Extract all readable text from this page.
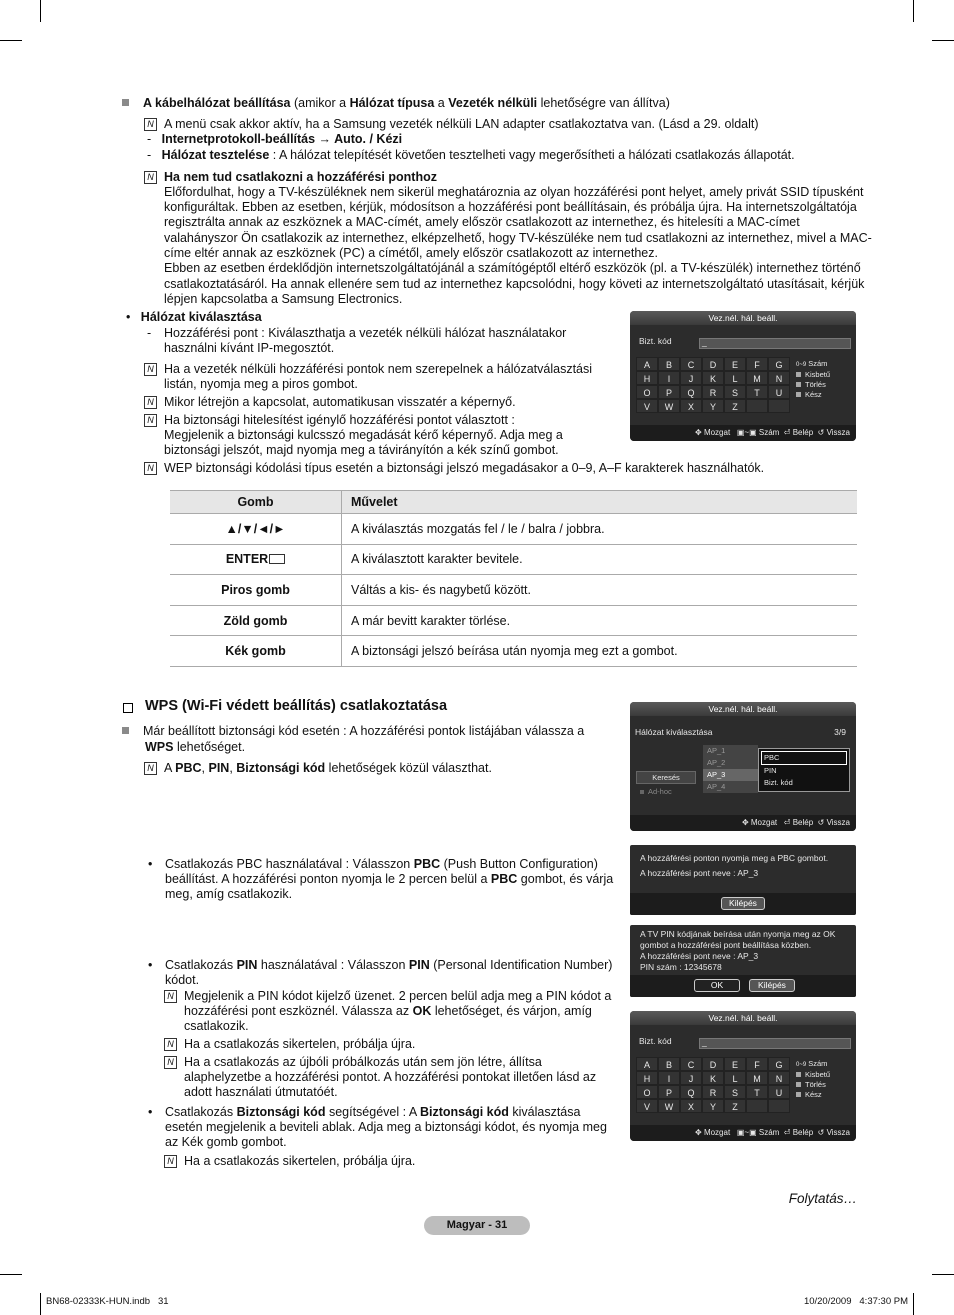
A kábelhálózat beállítása (amikor a Hálózat típusa a Vezeték nélküli lehetőségre van állítva)
N
A menü csak akkor aktív, ha a Samsung vezeték nélküli LAN adapter csatlakoztatva van. (Lásd a 29. oldalt)
-   Internetprotokoll-beállítás → Auto. / Kézi
-   Hálózat tesztelése : A hálózat telepítését követően tesztelheti vagy megerősítheti a hálózati csatlakozás állapotát.
N
Ha nem tud csatlakozni a hozzáférési ponthoz
Előfordulhat, hogy a TV-készüléknek nem sikerül meghatároznia az olyan hozzáférési pont helyet, amely privát SSID típusként
konfiguráltak. Ebben az esetben, kérjük, módosítson a hozzáférési pont beállításain, és próbálja újra. Ha internetszolgáltatója
regisztrálta annak az eszköznek a MAC-címét, amely először csatlakozott az internethez, és hitelesíti a MAC-címet
valahányszor Ön csatlakozik az internethez, elképzelhető, hogy TV-készüléke nem tud csatlakozni az internethez, mivel a MAC-
címe eltér annak az eszköznek (PC) a címétől, amely először csatlakozott az internethez.
Ebben az esetben érdeklődjön internetszolgáltatójánál a számítógéptől eltérő eszközök (pl. a TV-készülék) internethez történő
csatlakoztatásáról. Ha annak ellenére sem tud az internethez kapcsolódni, hogy követi az internetszolgáltató utasításait, kérjük
lépjen kapcsolatba a Samsung Electronics.
•   Hálózat kiválasztása
- Hozzáférési pont : Kiválaszthatja a vezeték nélküli hálózat használatakor
használni kívánt IP-megosztót.
N
Ha a vezeték nélküli hozzáférési pontok nem szerepelnek a hálózatválasztási
listán, nyomja meg a piros gombot.
N
Mikor létrejön a kapcsolat, automatikusan visszatér a képernyő.
N
Ha biztonsági hitelesítést igénylő hozzáférési pontot választott :
Megjelenik a biztonsági kulcsszó megadását kérő képernyő. Adja meg a
biztonsági jelszót, majd nyomja meg a távirányítón a kék színű gombot.
N
WEP biztonsági kódolási típus esetén a biztonsági jelszó megadásakor a 0–9, A–F karakterek használhatók.
Vez.nél. hál. beáll.
Bizt. kód	_
A	B	C	D	E	F	G
H	I	J	K	L	M	N
O	P	Q	R	S	T	U
V	W	X	Y	Z
0~9 Szám
Kisbetű
Törlés
Kész
✥ Mozgat ▣~▣ Szám ⏎ Belép ↺ Vissza
Gomb	Művelet
▲/▼/◄/►	A kiválasztás mozgatás fel / le / balra / jobbra.
ENTER	A kiválasztott karakter bevitele.
Piros gomb	Váltás a kis- és nagybetű között.
Zöld gomb	A már bevitt karakter törlése.
Kék gomb	A biztonsági jelszó beírása után nyomja meg ezt a gombot.
WPS (Wi-Fi védett beállítás) csatlakoztatása
Már beállított biztonsági kód esetén : A hozzáférési pontok listájában válassza a
WPS lehetőséget.
N
A PBC, PIN, Biztonsági kód lehetőségek közül választhat.
Vez.nél. hál. beáll.
Hálózat kiválasztása	3/9
AP_1
AP_2
AP_3
AP_4
Keresés
Ad-hoc
PBC
PIN
Bizt. kód
✥ Mozgat ⏎ Belép ↺ Vissza
• Csatlakozás PBC használatával : Válasszon PBC (Push Button Configuration)
beállítást. A hozzáférési ponton nyomja le 2 percen belül a PBC gombot, és várja
meg, amíg csatlakozik.
A hozzáférési ponton nyomja meg a PBC gombot.
A hozzáférési pont neve : AP_3
Kilépés
• Csatlakozás PIN használatával : Válasszon PIN (Personal Identification Number)
kódot.
N
Megjelenik a PIN kódot kijelző üzenet. 2 percen belül adja meg a PIN kódot a
hozzáférési pont eszköznél. Válassza az OK lehetőséget, és várjon, amíg
csatlakozik.
N
Ha a csatlakozás sikertelen, próbálja újra.
N
Ha a csatlakozás az újbóli próbálkozás után sem jön létre, állítsa
alaphelyzetbe a hozzáférési pontot. A hozzáférési pontokat illetően lásd az
adott használati útmutatóét.
A TV PIN kódjának beírása után nyomja meg az OK
gombot a hozzáférési pont beállítása közben.
A hozzáférési pont neve : AP_3
PIN szám : 12345678
OK	Kilépés
• Csatlakozás Biztonsági kód segítségével : A Biztonsági kód kiválasztása
esetén megjelenik a beviteli ablak. Adja meg a biztonsági kódot, és nyomja meg
az Kék gomb gombot.
N
Ha a csatlakozás sikertelen, próbálja újra.
Vez.nél. hál. beáll.
Bizt. kód	_
A	B	C	D	E	F	G
H	I	J	K	L	M	N
O	P	Q	R	S	T	U
V	W	X	Y	Z
0~9 Szám
Kisbetű
Törlés
Kész
✥ Mozgat ▣~▣ Szám ⏎ Belép ↺ Vissza
Folytatás…
Magyar - 31
BN68-02333K-HUN.indb   31	10/20/2009   4:37:30 PM
